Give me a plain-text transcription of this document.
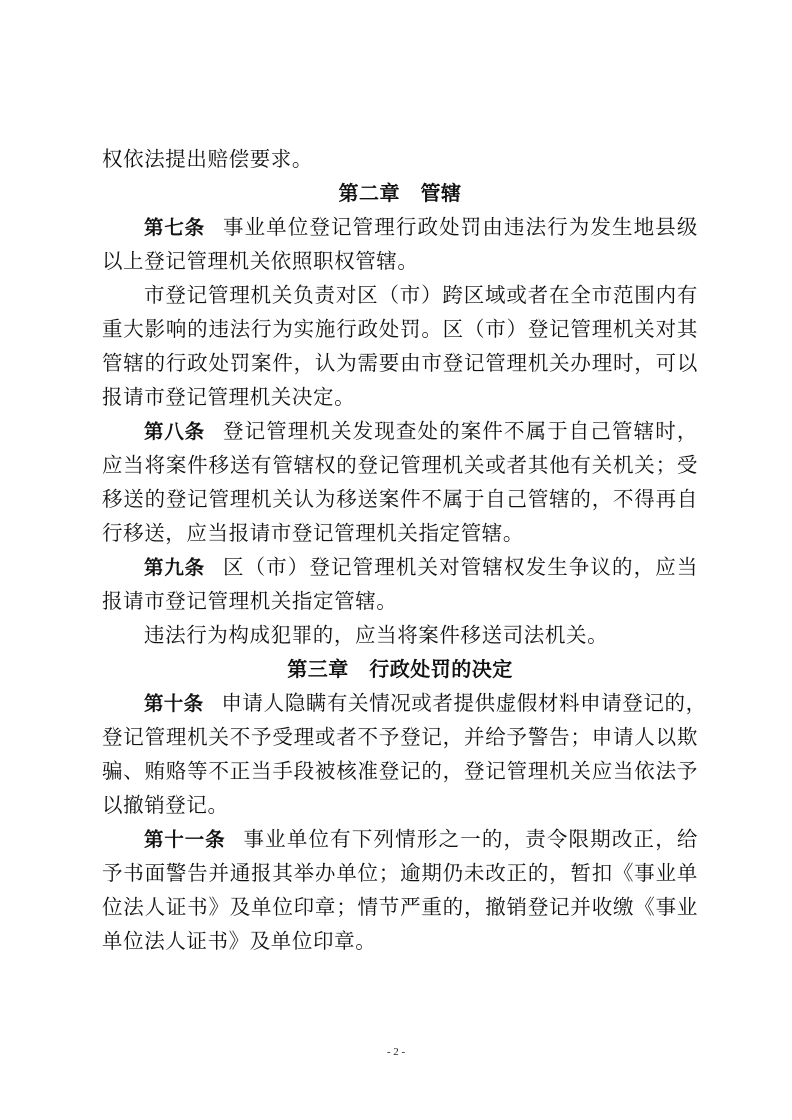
权依法提出赔偿要求。
第二章　管辖
第七条 事业单位登记管理行政处罚由违法行为发生地县级
以上登记管理机关依照职权管辖。
市登记管理机关负责对区（市）跨区域或者在全市范围内有
重大影响的违法行为实施行政处罚。区（市）登记管理机关对其
管辖的行政处罚案件，认为需要由市登记管理机关办理时，可以
报请市登记管理机关决定。
第八条 登记管理机关发现查处的案件不属于自己管辖时，
应当将案件移送有管辖权的登记管理机关或者其他有关机关；受
移送的登记管理机关认为移送案件不属于自己管辖的，不得再自
行移送，应当报请市登记管理机关指定管辖。
第九条 区（市）登记管理机关对管辖权发生争议的，应当
报请市登记管理机关指定管辖。
违法行为构成犯罪的，应当将案件移送司法机关。
第三章　行政处罚的决定
第十条 申请人隐瞒有关情况或者提供虚假材料申请登记的，
登记管理机关不予受理或者不予登记，并给予警告；申请人以欺
骗、贿赂等不正当手段被核准登记的，登记管理机关应当依法予
以撤销登记。
第十一条 事业单位有下列情形之一的，责令限期改正，给
予书面警告并通报其举办单位；逾期仍未改正的，暂扣《事业单
位法人证书》及单位印章；情节严重的，撤销登记并收缴《事业
单位法人证书》及单位印章。
- 2 -
